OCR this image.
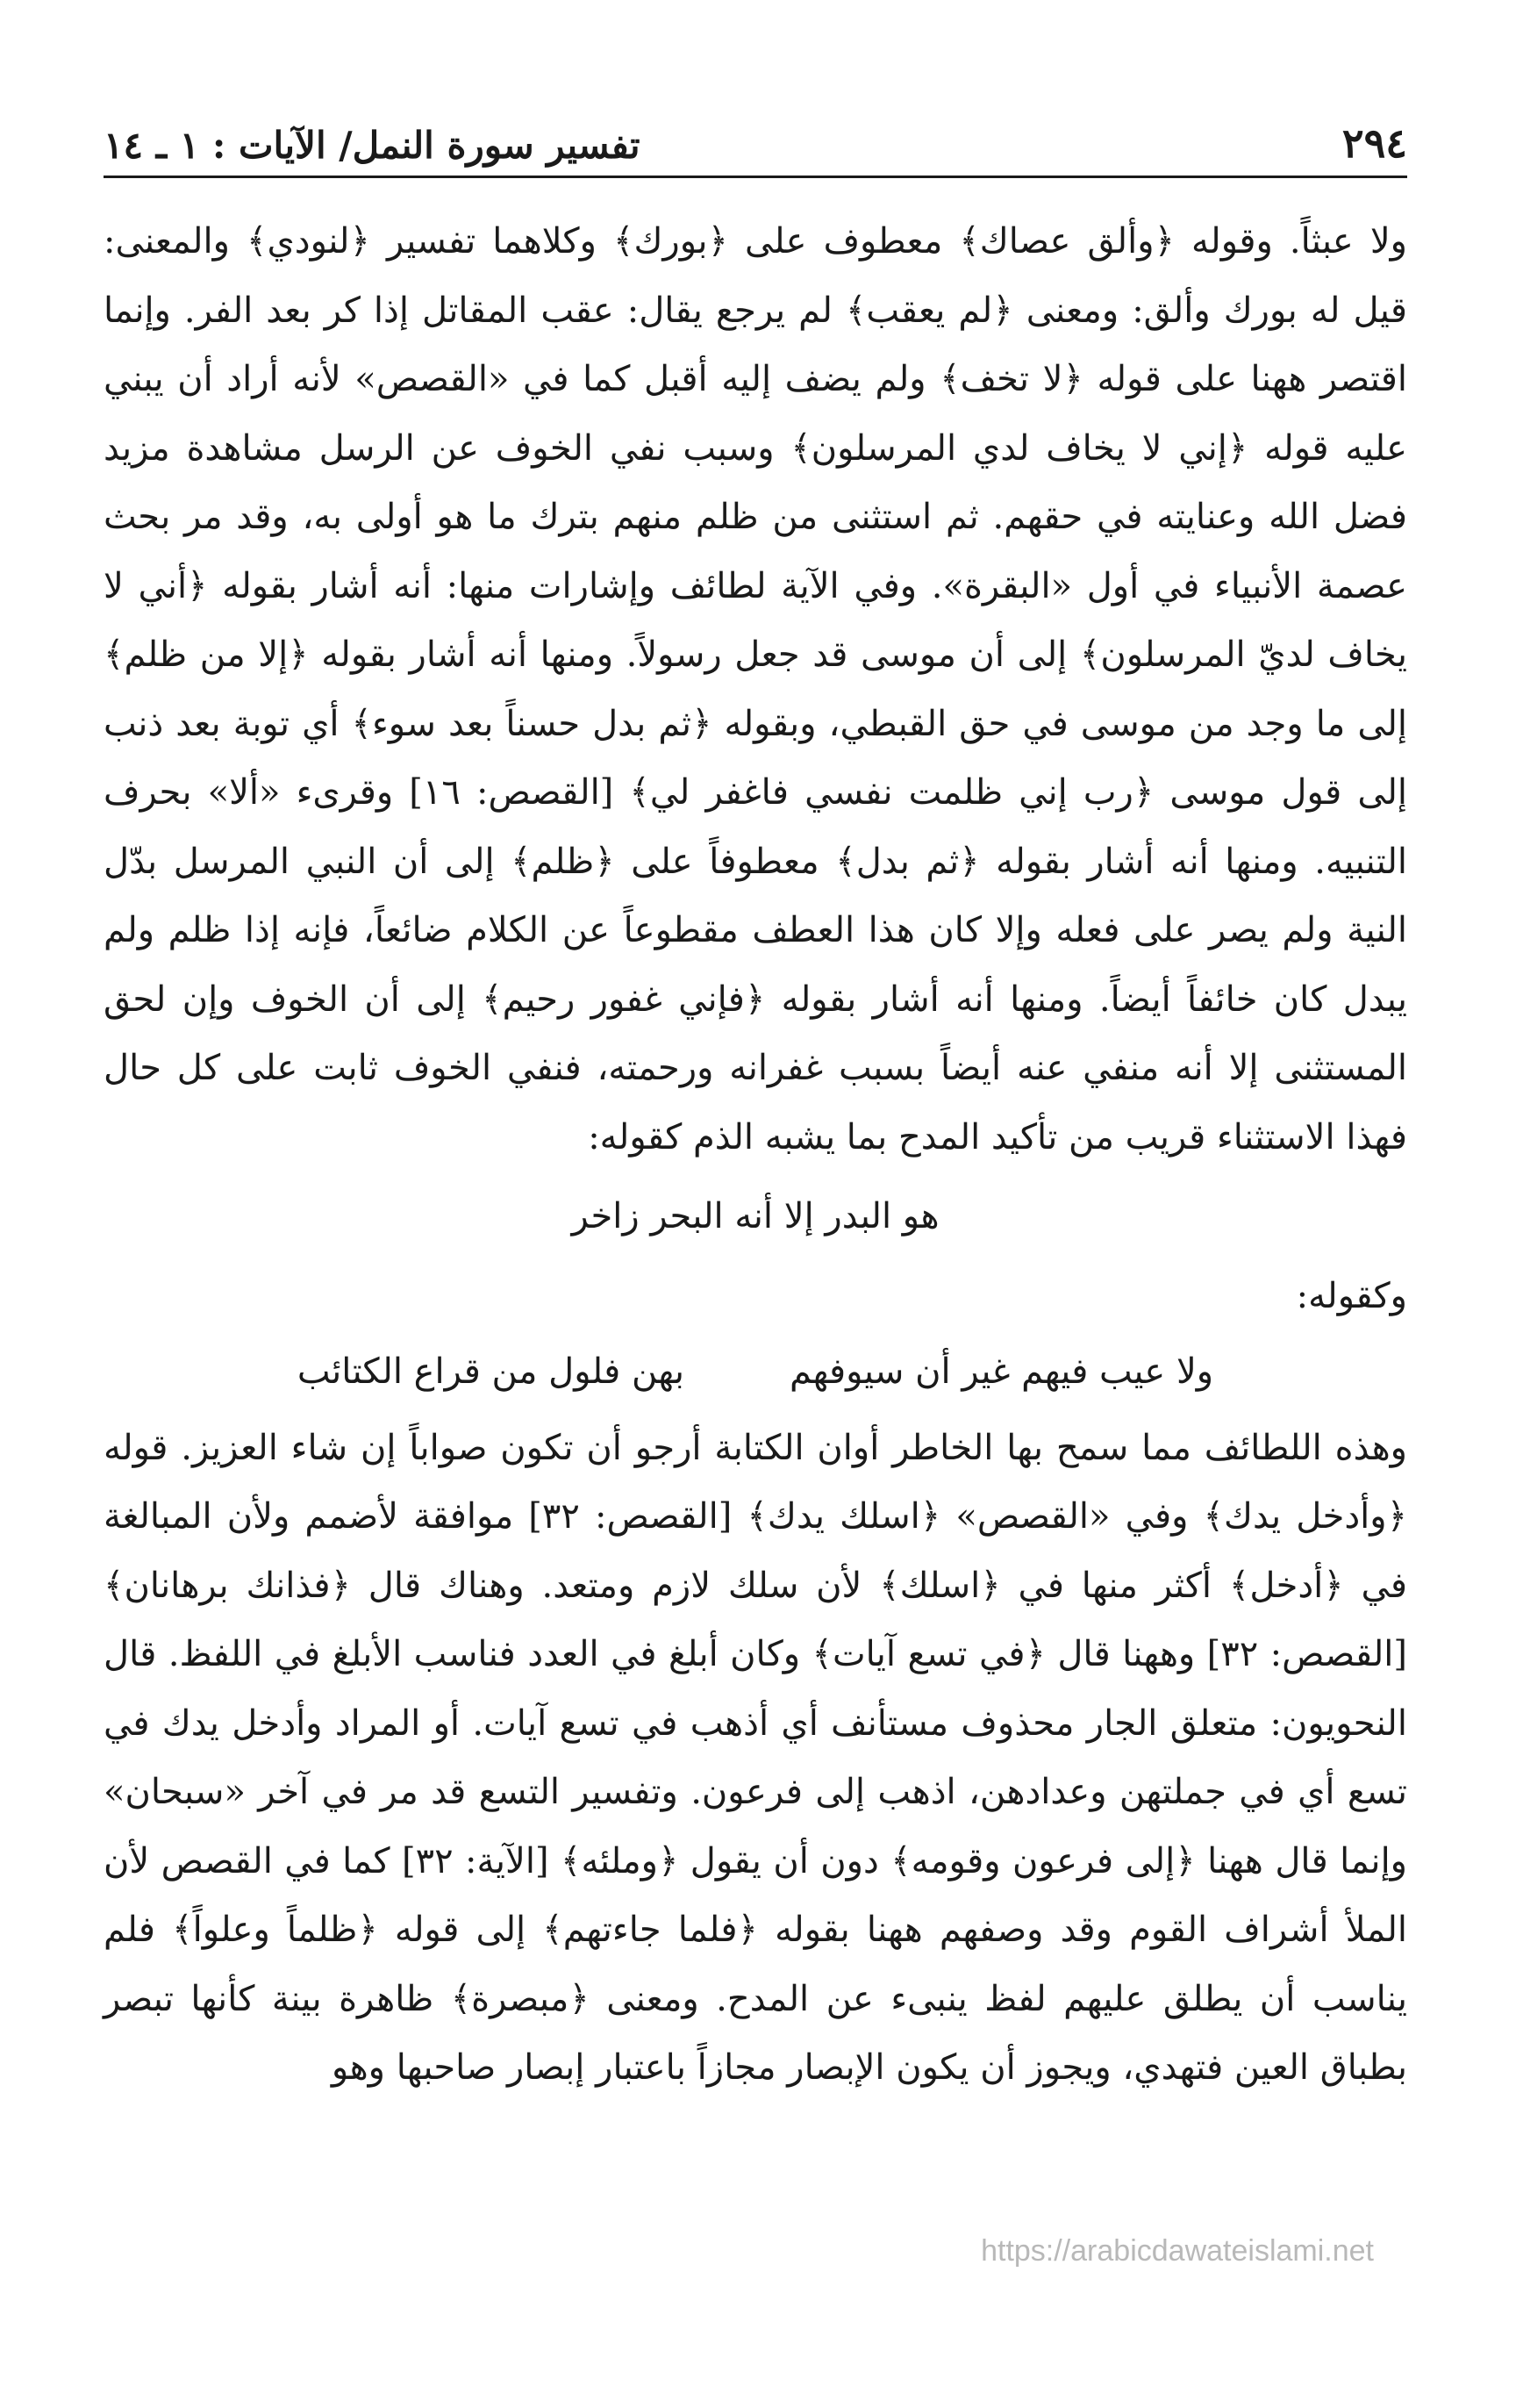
٢٩٤
تفسير سورة النمل/ الآيات : ١ ـ ١٤

ولا عبثاً. وقوله ﴿وألق عصاك﴾ معطوف على ﴿بورك﴾ وكلاهما تفسير ﴿لنودي﴾ والمعنى: قيل له بورك وألق: ومعنى ﴿لم يعقب﴾ لم يرجع يقال: عقب المقاتل إذا كر بعد الفر. وإنما اقتصر ههنا على قوله ﴿لا تخف﴾ ولم يضف إليه أقبل كما في «القصص» لأنه أراد أن يبني عليه قوله ﴿إني لا يخاف لدي المرسلون﴾ وسبب نفي الخوف عن الرسل مشاهدة مزيد فضل الله وعنايته في حقهم. ثم استثنى من ظلم منهم بترك ما هو أولى به، وقد مر بحث عصمة الأنبياء في أول «البقرة». وفي الآية لطائف وإشارات منها: أنه أشار بقوله ﴿أني لا يخاف لديّ المرسلون﴾ إلى أن موسى قد جعل رسولاً. ومنها أنه أشار بقوله ﴿إلا من ظلم﴾ إلى ما وجد من موسى في حق القبطي، وبقوله ﴿ثم بدل حسناً بعد سوء﴾ أي توبة بعد ذنب إلى قول موسى ﴿رب إني ظلمت نفسي فاغفر لي﴾ [القصص: ١٦] وقرىء «ألا» بحرف التنبيه. ومنها أنه أشار بقوله ﴿ثم بدل﴾ معطوفاً على ﴿ظلم﴾ إلى أن النبي المرسل بدّل النية ولم يصر على فعله وإلا كان هذا العطف مقطوعاً عن الكلام ضائعاً، فإنه إذا ظلم ولم يبدل كان خائفاً أيضاً. ومنها أنه أشار بقوله ﴿فإني غفور رحيم﴾ إلى أن الخوف وإن لحق المستثنى إلا أنه منفي عنه أيضاً بسبب غفرانه ورحمته، فنفي الخوف ثابت على كل حال فهذا الاستثناء قريب من تأكيد المدح بما يشبه الذم كقوله:

هو البدر إلا أنه البحر زاخر

وكقوله:

ولا عيب فيهم غير أن سيوفهم
بهن فلول من قراع الكتائب

وهذه اللطائف مما سمح بها الخاطر أوان الكتابة أرجو أن تكون صواباً إن شاء العزيز. قوله ﴿وأدخل يدك﴾ وفي «القصص» ﴿اسلك يدك﴾ [القصص: ٣٢] موافقة لأضمم ولأن المبالغة في ﴿أدخل﴾ أكثر منها في ﴿اسلك﴾ لأن سلك لازم ومتعد. وهناك قال ﴿فذانك برهانان﴾ [القصص: ٣٢] وههنا قال ﴿في تسع آيات﴾ وكان أبلغ في العدد فناسب الأبلغ في اللفظ. قال النحويون: متعلق الجار محذوف مستأنف أي أذهب في تسع آيات. أو المراد وأدخل يدك في تسع أي في جملتهن وعدادهن، اذهب إلى فرعون. وتفسير التسع قد مر في آخر «سبحان» وإنما قال ههنا ﴿إلى فرعون وقومه﴾ دون أن يقول ﴿وملئه﴾ [الآية: ٣٢] كما في القصص لأن الملأ أشراف القوم وقد وصفهم ههنا بقوله ﴿فلما جاءتهم﴾ إلى قوله ﴿ظلماً وعلواً﴾ فلم يناسب أن يطلق عليهم لفظ ينبىء عن المدح. ومعنى ﴿مبصرة﴾ ظاهرة بينة كأنها تبصر بطباق العين فتهدي، ويجوز أن يكون الإبصار مجازاً باعتبار إبصار صاحبها وهو

https://arabicdawateislami.net
